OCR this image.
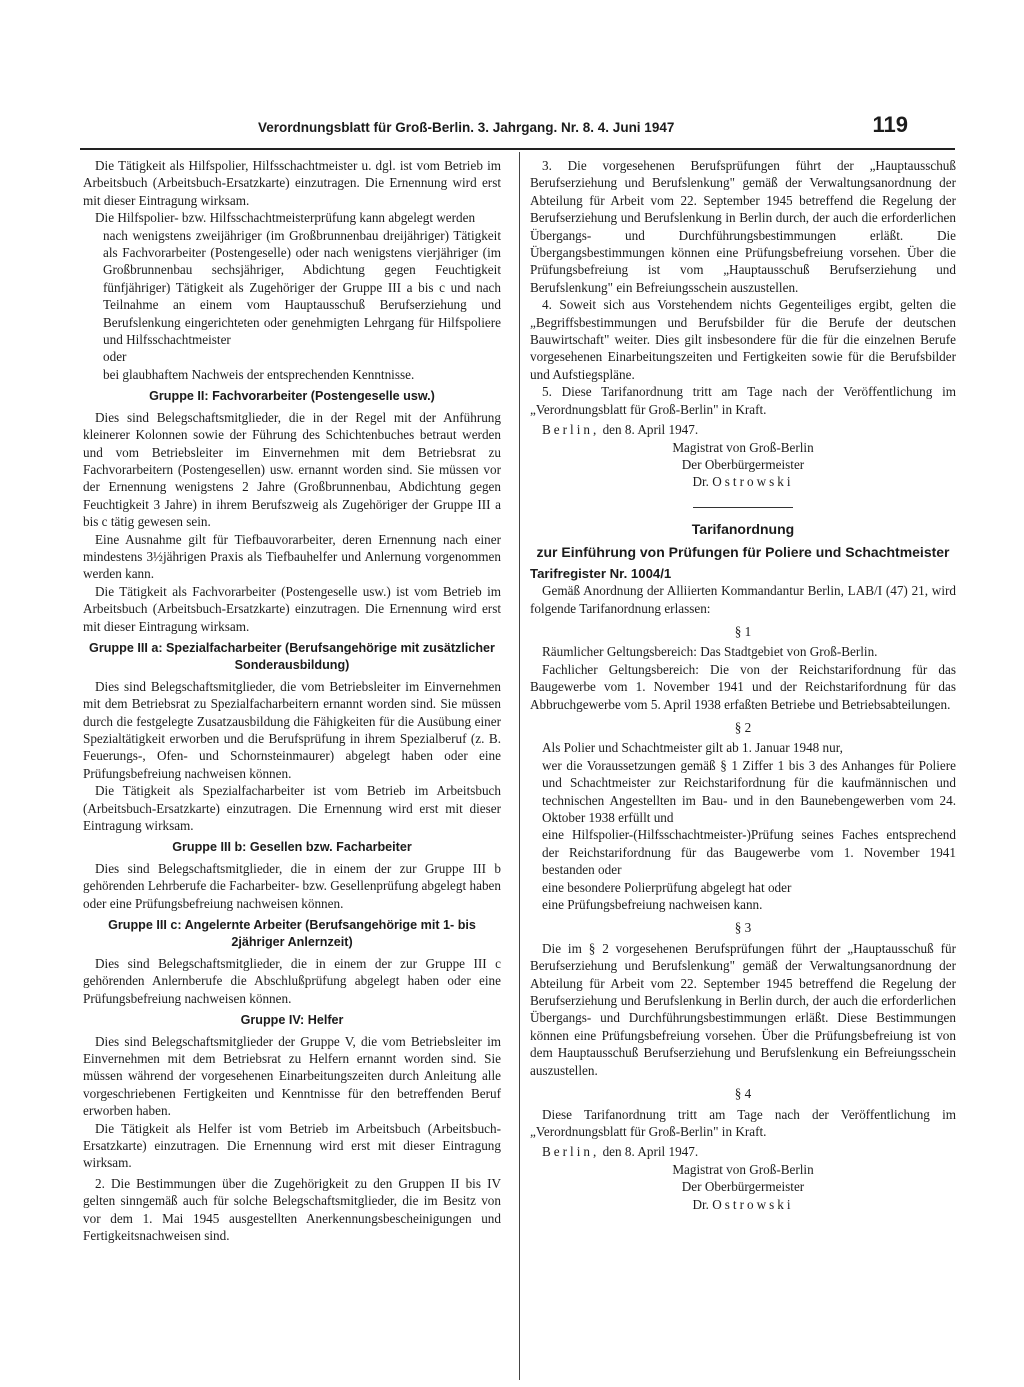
Verordnungsblatt für Groß-Berlin. 3. Jahrgang. Nr. 8. 4. Juni 1947	119

Die Tätigkeit als Hilfspolier, Hilfsschachtmeister u. dgl. ist vom Betrieb im Arbeitsbuch (Arbeitsbuch-Ersatzkarte) einzutragen. Die Ernennung wird erst mit dieser Eintragung wirksam.

Die Hilfspolier- bzw. Hilfsschachtmeisterprüfung kann abgelegt werden

nach wenigstens zweijähriger (im Großbrunnenbau dreijähriger) Tätigkeit als Fachvorarbeiter (Postengeselle) oder nach wenigstens vierjähriger (im Großbrunnenbau sechsjähriger, Abdichtung gegen Feuchtigkeit fünfjähriger) Tätigkeit als Zugehöriger der Gruppe III a bis c und nach Teilnahme an einem vom Hauptausschuß Berufserziehung und Berufslenkung eingerichteten oder genehmigten Lehrgang für Hilfspoliere und Hilfsschachtmeister

oder

bei glaubhaftem Nachweis der entsprechenden Kenntnisse.

Gruppe II: Fachvorarbeiter (Postengeselle usw.)

Dies sind Belegschaftsmitglieder, die in der Regel mit der Anführung kleinerer Kolonnen sowie der Führung des Schichtenbuches betraut werden und vom Betriebsleiter im Einvernehmen mit dem Betriebsrat zu Fachvorarbeitern (Postengesellen) usw. ernannt worden sind. Sie müssen vor der Ernennung wenigstens 2 Jahre (Großbrunnenbau, Abdichtung gegen Feuchtigkeit 3 Jahre) in ihrem Berufszweig als Zugehöriger der Gruppe III a bis c tätig gewesen sein.

Eine Ausnahme gilt für Tiefbauvorarbeiter, deren Ernennung nach einer mindestens 3½jährigen Praxis als Tiefbauhelfer und Anlernung vorgenommen werden kann.

Die Tätigkeit als Fachvorarbeiter (Postengeselle usw.) ist vom Betrieb im Arbeitsbuch (Arbeitsbuch-Ersatzkarte) einzutragen. Die Ernennung wird erst mit dieser Eintragung wirksam.

Gruppe III a: Spezialfacharbeiter (Berufsangehörige mit zusätzlicher Sonderausbildung)

Dies sind Belegschaftsmitglieder, die vom Betriebsleiter im Einvernehmen mit dem Betriebsrat zu Spezialfacharbeitern ernannt worden sind. Sie müssen durch die festgelegte Zusatzausbildung die Fähigkeiten für die Ausübung einer Spezialtätigkeit erworben und die Berufsprüfung in ihrem Spezialberuf (z. B. Feuerungs-, Ofen- und Schornsteinmaurer) abgelegt haben oder eine Prüfungsbefreiung nachweisen können.

Die Tätigkeit als Spezialfacharbeiter ist vom Betrieb im Arbeitsbuch (Arbeitsbuch-Ersatzkarte) einzutragen. Die Ernennung wird erst mit dieser Eintragung wirksam.

Gruppe III b: Gesellen bzw. Facharbeiter

Dies sind Belegschaftsmitglieder, die in einem der zur Gruppe III b gehörenden Lehrberufe die Facharbeiter- bzw. Gesellenprüfung abgelegt haben oder eine Prüfungsbefreiung nachweisen können.

Gruppe III c: Angelernte Arbeiter (Berufsangehörige mit 1- bis 2jähriger Anlernzeit)

Dies sind Belegschaftsmitglieder, die in einem der zur Gruppe III c gehörenden Anlernberufe die Abschlußprüfung abgelegt haben oder eine Prüfungsbefreiung nachweisen können.

Gruppe IV: Helfer

Dies sind Belegschaftsmitglieder der Gruppe V, die vom Betriebsleiter im Einvernehmen mit dem Betriebsrat zu Helfern ernannt worden sind. Sie müssen während der vorgesehenen Einarbeitungszeiten durch Anleitung alle vorgeschriebenen Fertigkeiten und Kenntnisse für den betreffenden Beruf erworben haben.

Die Tätigkeit als Helfer ist vom Betrieb im Arbeitsbuch (Arbeitsbuch-Ersatzkarte) einzutragen. Die Ernennung wird erst mit dieser Eintragung wirksam.

2. Die Bestimmungen über die Zugehörigkeit zu den Gruppen II bis IV gelten sinngemäß auch für solche Belegschaftsmitglieder, die im Besitz von vor dem 1. Mai 1945 ausgestellten Anerkennungsbescheinigungen und Fertigkeitsnachweisen sind.

3. Die vorgesehenen Berufsprüfungen führt der „Hauptausschuß Berufserziehung und Berufslenkung" gemäß der Verwaltungsanordnung der Abteilung für Arbeit vom 22. September 1945 betreffend die Regelung der Berufserziehung und Berufslenkung in Berlin durch, der auch die erforderlichen Übergangs- und Durchführungsbestimmungen erläßt. Die Übergangsbestimmungen können eine Prüfungsbefreiung vorsehen. Über die Prüfungsbefreiung ist vom „Hauptausschuß Berufserziehung und Berufslenkung" ein Befreiungsschein auszustellen.

4. Soweit sich aus Vorstehendem nichts Gegenteiliges ergibt, gelten die „Begriffsbestimmungen und Berufsbilder für die Berufe der deutschen Bauwirtschaft" weiter. Dies gilt insbesondere für die für die einzelnen Berufe vorgesehenen Einarbeitungszeiten und Fertigkeiten sowie für die Berufsbilder und Aufstiegspläne.

5. Diese Tarifanordnung tritt am Tage nach der Veröffentlichung im „Verordnungsblatt für Groß-Berlin" in Kraft.

Berlin, den 8. April 1947.

Magistrat von Groß-Berlin
Der Oberbürgermeister
Dr. Ostrowski
Tarifanordnung
zur Einführung von Prüfungen für Poliere und Schachtmeister

Tarifregister Nr. 1004/1

Gemäß Anordnung der Alliierten Kommandantur Berlin, LAB/I (47) 21, wird folgende Tarifanordnung erlassen:

§ 1

Räumlicher Geltungsbereich: Das Stadtgebiet von Groß-Berlin.

Fachlicher Geltungsbereich: Die von der Reichstarifordnung für das Baugewerbe vom 1. November 1941 und der Reichstarifordnung für das Abbruchgewerbe vom 5. April 1938 erfaßten Betriebe und Betriebsabteilungen.

§ 2

Als Polier und Schachtmeister gilt ab 1. Januar 1948 nur,

wer die Voraussetzungen gemäß § 1 Ziffer 1 bis 3 des Anhanges für Poliere und Schachtmeister zur Reichstarifordnung für die kaufmännischen und technischen Angestellten im Bau- und in den Baunebengewerben vom 24. Oktober 1938 erfüllt und

eine Hilfspolier-(Hilfsschachtmeister-)Prüfung seines Faches entsprechend der Reichstarifordnung für das Baugewerbe vom 1. November 1941 bestanden oder

eine besondere Polierprüfung abgelegt hat oder

eine Prüfungsbefreiung nachweisen kann.

§ 3

Die im § 2 vorgesehenen Berufsprüfungen führt der „Hauptausschuß für Berufserziehung und Berufslenkung" gemäß der Verwaltungsanordnung der Abteilung für Arbeit vom 22. September 1945 betreffend die Regelung der Berufserziehung und Berufslenkung in Berlin durch, der auch die erforderlichen Übergangs- und Durchführungsbestimmungen erläßt. Diese Bestimmungen können eine Prüfungsbefreiung vorsehen. Über die Prüfungsbefreiung ist von dem Hauptausschuß Berufserziehung und Berufslenkung ein Befreiungsschein auszustellen.

§ 4

Diese Tarifanordnung tritt am Tage nach der Veröffentlichung im „Verordnungsblatt für Groß-Berlin" in Kraft.

Berlin, den 8. April 1947.

Magistrat von Groß-Berlin
Der Oberbürgermeister
Dr. Ostrowski
